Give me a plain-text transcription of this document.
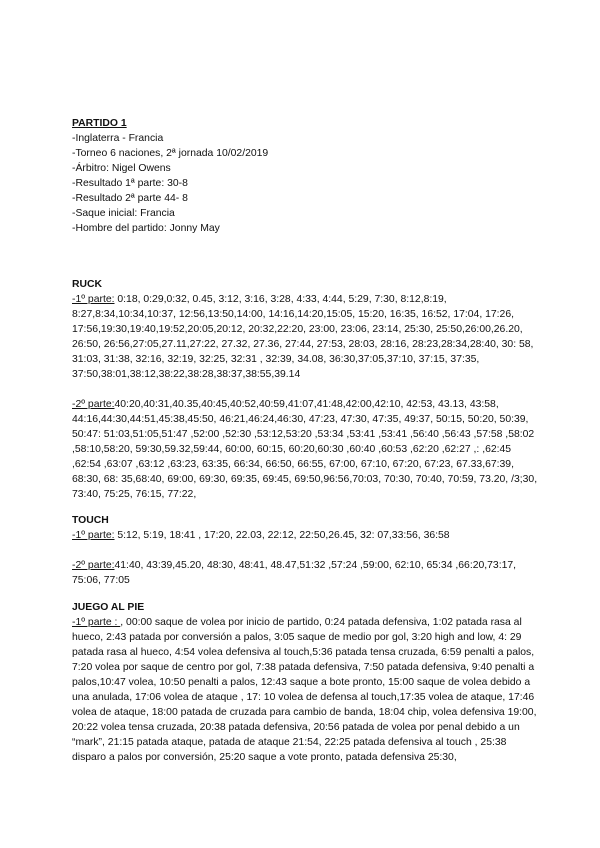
PARTIDO 1
-Inglaterra - Francia
-Torneo 6 naciones, 2ª jornada 10/02/2019
-Árbitro: Nigel Owens
-Resultado 1ª parte: 30-8
-Resultado 2ª parte 44- 8
-Saque inicial: Francia
-Hombre del partido: Jonny May
RUCK

-1º parte: 0:18, 0:29,0:32, 0.45, 3:12, 3:16, 3:28, 4:33, 4:44, 5:29, 7:30, 8:12,8:19, 8:27,8:34,10:34,10:37, 12:56,13:50,14:00, 14:16,14:20,15:05, 15:20, 16:35, 16:52, 17:04, 17:26, 17:56,19:30,19:40,19:52,20:05,20:12, 20:32,22:20, 23:00, 23:06, 23:14, 25:30, 25:50,26:00,26.20, 26:50, 26:56,27:05,27.11,27:22, 27.32, 27.36, 27:44, 27:53, 28:03, 28:16, 28:23,28:34,28:40, 30: 58, 31:03, 31:38, 32:16, 32:19, 32:25, 32:31 , 32:39, 34.08, 36:30,37:05,37:10, 37:15, 37:35, 37:50,38:01,38:12,38:22,38:28,38:37,38:55,39.14

-2º parte:40:20,40:31,40.35,40:45,40:52,40:59,41:07,41:48,42:00,42:10, 42:53, 43.13, 43:58, 44:16,44:30,44:51,45:38,45:50, 46:21,46:24,46:30, 47:23, 47:30, 47:35, 49:37, 50:15, 50:20, 50:39, 50:47: 51:03,51:05,51:47 ,52:00 ,52:30 ,53:12,53:20 ,53:34 ,53:41 ,53:41 ,56:40 ,56:43 ,57:58 ,58:02 ,58:10,58:20, 59:30,59.32,59:44, 60:00, 60:15, 60:20,60:30 ,60:40 ,60:53 ,62:20 ,62:27 ,: ,62:45 ,62:54 ,63:07 ,63:12 ,63:23, 63:35, 66:34, 66:50, 66:55, 67:00, 67:10, 67:20, 67:23, 67.33,67:39, 68:30, 68: 35,68:40, 69:00, 69:30, 69:35, 69:45, 69:50,96:56,70:03, 70:30, 70:40, 70:59, 73.20, /3;30, 73:40, 75:25, 76:15, 77:22,

TOUCH

-1º parte: 5:12, 5:19, 18:41 , 17:20, 22.03, 22:12, 22:50,26.45, 32: 07,33:56, 36:58

-2º parte:41:40, 43:39,45.20, 48:30, 48:41, 48.47,51:32 ,57:24 ,59:00, 62:10, 65:34 ,66:20,73:17, 75:06, 77:05

JUEGO AL PIE

-1º parte : , 00:00 saque de volea por inicio de partido, 0:24 patada defensiva, 1:02 patada rasa al hueco, 2:43 patada por conversión a palos, 3:05 saque de medio por gol, 3:20 high and low, 4: 29 patada rasa al hueco, 4:54 volea defensiva al touch,5:36 patada tensa cruzada, 6:59 penalti a palos, 7:20 volea por saque de centro por gol, 7:38 patada defensiva, 7:50 patada defensiva, 9:40 penalti a palos,10:47 volea, 10:50 penalti a palos, 12:43 saque a bote pronto, 15:00 saque de volea debido a una anulada, 17:06 volea de ataque , 17: 10 volea de defensa al touch,17:35 volea de ataque, 17:46 volea de ataque, 18:00 patada de cruzada para cambio de banda, 18:04 chip, volea defensiva 19:00, 20:22 volea tensa cruzada, 20:38 patada defensiva, 20:56 patada de volea por penal debido a un “mark”, 21:15 patada ataque, patada de ataque 21:54, 22:25 patada defensiva al touch , 25:38 disparo a palos por conversión, 25:20 saque a vote pronto, patada defensiva 25:30,
